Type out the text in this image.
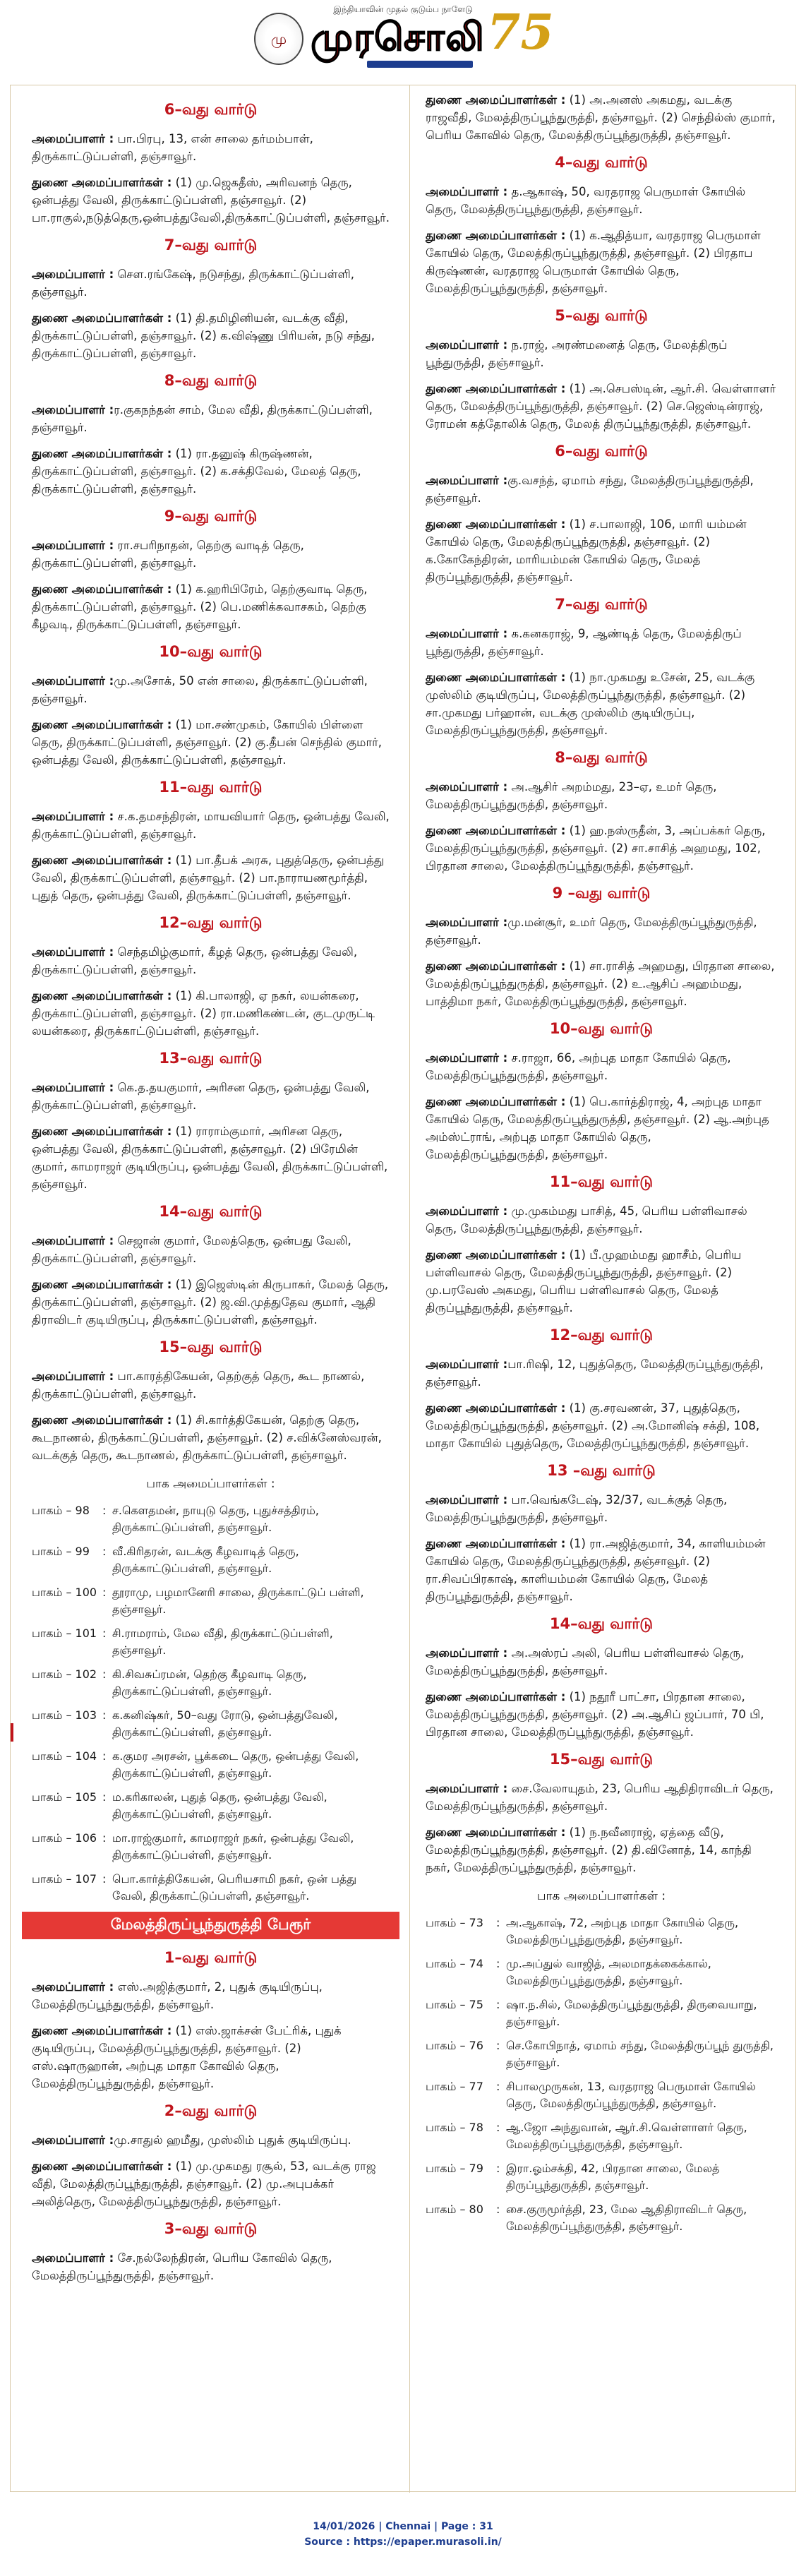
இந்தியாவின் முதல் குடும்ப நாளேடு
மு முரசொலி 75
6–வது வார்டு

அமைப்பாளர் : பா.பிரபு, 13, என் சாலை தர்மம்பாள், திருக்காட்டுப்பள்ளி, தஞ்சாவூர்.

துணை அமைப்பாளர்கள் : (1) மு.ஜெகதீஸ், அரிவனந் தெரு, ஒன்பத்து வேலி, திருக்காட்டுப்பள்ளி, தஞ்சாவூர். (2) பா.ராகுல்,நடுத்தெரு,ஒன்பத்துவேலி,திருக்காட்டுப்பள்ளி, தஞ்சாவூர்.

7–வது வார்டு

அமைப்பாளர் : சௌ.ரங்கேஷ், நடுசந்து, திருக்காட்டுப்பள்ளி, தஞ்சாவூர்.

துணை அமைப்பாளர்கள் : (1) தி.தமிழினியன், வடக்கு வீதி, திருக்காட்டுப்பள்ளி, தஞ்சாவூர். (2) க.விஷ்ணு பிரியன், நடு சந்து, திருக்காட்டுப்பள்ளி, தஞ்சாவூர்.

8–வது வார்டு

அமைப்பாளர் :ர.குகநந்தன் சாம், மேல வீதி, திருக்காட்டுப்பள்ளி, தஞ்சாவூர்.

துணை அமைப்பாளர்கள் : (1) ரா.தனுஷ் கிருஷ்ணன், திருக்காட்டுப்பள்ளி, தஞ்சாவூர். (2) க.சக்திவேல், மேலத் தெரு, திருக்காட்டுப்பள்ளி, தஞ்சாவூர்.

9–வது வார்டு

அமைப்பாளர் : ரா.சபரிநாதன், தெற்கு வாடித் தெரு, திருக்காட்டுப்பள்ளி, தஞ்சாவூர்.

துணை அமைப்பாளர்கள் : (1) க.ஹரிபிரேம், தெற்குவாடி தெரு, திருக்காட்டுப்பள்ளி, தஞ்சாவூர். (2) பெ.மணிக்கவாசகம், தெற்கு கீழவடி, திருக்காட்டுப்பள்ளி, தஞ்சாவூர்.

10–வது வார்டு

அமைப்பாளர் :மு.அசோக், 50 என் சாலை, திருக்காட்டுப்பள்ளி, தஞ்சாவூர்.

துணை அமைப்பாளர்கள் : (1) மா.சண்முகம், கோயில் பிள்ளை தெரு, திருக்காட்டுப்பள்ளி, தஞ்சாவூர். (2) கு.தீபன் செந்தில் குமார், ஒன்பத்து வேலி, திருக்காட்டுப்பள்ளி, தஞ்சாவூர்.

11–வது வார்டு

அமைப்பாளர் : ச.க.தமசந்திரன், மாயவியார் தெரு, ஒன்பத்து வேலி, திருக்காட்டுப்பள்ளி, தஞ்சாவூர்.

துணை அமைப்பாளர்கள் : (1) பா.தீபக் அரசு, புதுத்தெரு, ஒன்பத்து வேலி, திருக்காட்டுப்பள்ளி, தஞ்சாவூர். (2) பா.நாராயணமூர்த்தி, புதுத் தெரு, ஒன்பத்து வேலி, திருக்காட்டுப்பள்ளி, தஞ்சாவூர்.

12–வது வார்டு

அமைப்பாளர் : செந்தமிழ்குமார், கீழத் தெரு, ஒன்பத்து வேலி, திருக்காட்டுப்பள்ளி, தஞ்சாவூர்.

துணை அமைப்பாளர்கள் : (1) கி.பாலாஜி, ஏ நகர், லயன்கரை, திருக்காட்டுப்பள்ளி, தஞ்சாவூர். (2) ரா.மணிகண்டன், குடமுருட்டி லயன்கரை, திருக்காட்டுப்பள்ளி, தஞ்சாவூர்.

13–வது வார்டு

அமைப்பாளர் : கெ.த.தயகுமார், அரிசன தெரு, ஒன்பத்து வேலி, திருக்காட்டுப்பள்ளி, தஞ்சாவூர்.

துணை அமைப்பாளர்கள் : (1) ராராம்குமார், அரிசன தெரு, ஒன்பத்து வேலி, திருக்காட்டுப்பள்ளி, தஞ்சாவூர். (2) பிரேமின் குமார், காமராஜர் குடியிருப்பு, ஒன்பத்து வேலி, திருக்காட்டுப்பள்ளி, தஞ்சாவூர்.

14–வது வார்டு

அமைப்பாளர் : செஜான் குமார், மேலத்தெரு, ஒன்பது வேலி, திருக்காட்டுப்பள்ளி, தஞ்சாவூர்.

துணை அமைப்பாளர்கள் : (1) இஜெஸ்டின் கிருபாகர், மேலத் தெரு, திருக்காட்டுப்பள்ளி, தஞ்சாவூர். (2) ஜ.வி.முத்துதேவ குமார், ஆதி திராவிடர் குடியிருப்பு, திருக்காட்டுப்பள்ளி, தஞ்சாவூர்.

15–வது வார்டு

அமைப்பாளர் : பா.காரத்திகேயன், தெற்குத் தெரு, கூட நாணல், திருக்காட்டுப்பள்ளி, தஞ்சாவூர்.

துணை அமைப்பாளர்கள் : (1) சி.கார்த்திகேயன், தெற்கு தெரு, கூடநாணல், திருக்காட்டுப்பள்ளி, தஞ்சாவூர். (2) ச.விக்னேஸ்வரன், வடக்குத் தெரு, கூடநாணல், திருக்காட்டுப்பள்ளி, தஞ்சாவூர்.

பாக அமைப்பாளர்கள் :
பாகம் – 98	: ச.கௌதமன், நாயுடு தெரு, புதுச்சத்திரம், திருக்காட்டுப்பள்ளி, தஞ்சாவூர்.
பாகம் – 99	: வீ.கிரிதரன், வடக்கு கீழவாடித் தெரு, திருக்காட்டுப்பள்ளி, தஞ்சாவூர்.
பாகம் – 100 : தூராமு, பழமானேரி சாலை, திருக்காட்டுப் பள்ளி, தஞ்சாவூர்.
பாகம் – 101 : சி.ராமராம், மேல வீதி, திருக்காட்டுப்பள்ளி, தஞ்சாவூர்.
பாகம் – 102 : கி.சிவசுப்ரமன், தெற்கு கீழவாடி தெரு, திருக்காட்டுப்பள்ளி, தஞ்சாவூர்.
பாகம் – 103 : க.கனிஷ்கர், 50–வது ரோடு, ஒன்பத்துவேலி, திருக்காட்டுப்பள்ளி, தஞ்சாவூர்.
பாகம் – 104 : க.குமர அரசன், பூக்கடை தெரு, ஒன்பத்து வேலி, திருக்காட்டுப்பள்ளி, தஞ்சாவூர்.
பாகம் – 105 : ம.கரிகாலன், புதுத் தெரு, ஒன்பத்து வேலி, திருக்காட்டுப்பள்ளி, தஞ்சாவூர்.
பாகம் – 106 : மா.ராஜ்குமார், காமராஜர் நகர், ஒன்பத்து வேலி, திருக்காட்டுப்பள்ளி, தஞ்சாவூர்.
பாகம் – 107 : பொ.கார்த்திகேயன், பெரியசாமி நகர், ஒன் பத்து வேலி, திருக்காட்டுப்பள்ளி, தஞ்சாவூர்.
மேலத்திருப்பூந்துருத்தி பேரூர்
1–வது வார்டு

அமைப்பாளர் : எஸ்.அஜித்குமார், 2, புதுக் குடியிருப்பு, மேலத்திருப்பூந்துருத்தி, தஞ்சாவூர்.

துணை அமைப்பாளர்கள் : (1) எஸ்.ஜாக்சன் பேட்ரிக், புதுக் குடியிருப்பு, மேலத்திருப்பூந்துருத்தி, தஞ்சாவூர். (2) எஸ்.ஷாருஹான், அற்புத மாதா கோவில் தெரு, மேலத்திருப்பூந்துருத்தி, தஞ்சாவூர்.

2–வது வார்டு

அமைப்பாளர் :மு.சாதுல் ஹமீது, முஸ்லிம் புதுக் குடியிருப்பு.

துணை அமைப்பாளர்கள் : (1) மு.முகமது ரசூல், 53, வடக்கு ராஜ வீதி, மேலத்திருப்பூந்துருத்தி, தஞ்சாவூர். (2) மு.அபுபக்கர் அலித்தெரு, மேலத்திருப்பூந்துருத்தி, தஞ்சாவூர்.

3–வது வார்டு

அமைப்பாளர் : சே.நல்லேந்திரன், பெரிய கோவில் தெரு, மேலத்திருப்பூந்துருத்தி, தஞ்சாவூர்.

துணை அமைப்பாளர்கள் : (1) அ.அனஸ் அகமது, வடக்கு ராஜவீதி, மேலத்திருப்பூந்துருத்தி, தஞ்சாவூர். (2) செந்தில்ஸ் குமார், பெரிய கோவில் தெரு, மேலத்திருப்பூந்துருத்தி, தஞ்சாவூர்.

4–வது வார்டு

அமைப்பாளர் : த.ஆகாஷ், 50, வரதராஜ பெருமாள் கோயில் தெரு, மேலத்திருப்பூந்துருத்தி, தஞ்சாவூர்.

துணை அமைப்பாளர்கள் : (1) க.ஆதித்யா, வரதராஜ பெருமாள் கோயில் தெரு, மேலத்திருப்பூந்துருத்தி, தஞ்சாவூர். (2) பிரதாப கிருஷ்ணன், வரதராஜ பெருமாள் கோயில் தெரு, மேலத்திருப்பூந்துருத்தி, தஞ்சாவூர்.

5–வது வார்டு

அமைப்பாளர் : ந.ராஜ், அரண்மனைத் தெரு, மேலத்திருப் பூந்துருத்தி, தஞ்சாவூர்.

துணை அமைப்பாளர்கள் : (1) அ.செபஸ்டின், ஆர்.சி. வெள்ளாளர் தெரு, மேலத்திருப்பூந்துருத்தி, தஞ்சாவூர். (2) செ.ஜெஸ்டின்ராஜ், ரோமன் கத்தோலிக் தெரு, மேலத் திருப்பூந்துருத்தி, தஞ்சாவூர்.

6–வது வார்டு

அமைப்பாளர் :கு.வசந்த், ஏமாம் சந்து, மேலத்திருப்பூந்துருத்தி, தஞ்சாவூர்.

துணை அமைப்பாளர்கள் : (1) ச.பாலாஜி, 106, மாரி யம்மன் கோயில் தெரு, மேலத்திருப்பூந்துருத்தி, தஞ்சாவூர். (2) க.கோகேந்திரன், மாரியம்மன் கோயில் தெரு, மேலத் திருப்பூந்துருத்தி, தஞ்சாவூர்.

7–வது வார்டு

அமைப்பாளர் : க.கனகராஜ், 9, ஆண்டித் தெரு, மேலத்திருப் பூந்துருத்தி, தஞ்சாவூர்.

துணை அமைப்பாளர்கள் : (1) நா.முகமது உசேன், 25, வடக்கு முஸ்லிம் குடியிருப்பு, மேலத்திருப்பூந்துருத்தி, தஞ்சாவூர். (2) சா.முகமது பர்ஹான், வடக்கு முஸ்லிம் குடியிருப்பு, மேலத்திருப்பூந்துருத்தி, தஞ்சாவூர்.

8–வது வார்டு

அமைப்பாளர் : அ.ஆசிர் அறம்மது, 23–ஏ, உமர் தெரு, மேலத்திருப்பூந்துருத்தி, தஞ்சாவூர்.

துணை அமைப்பாளர்கள் : (1) ஹ.நஸ்ருதீன், 3, அப்பக்கர் தெரு, மேலத்திருப்பூந்துருத்தி, தஞ்சாவூர். (2) சா.சாசித் அஹமது, 102, பிரதான சாலை, மேலத்திருப்பூந்துருத்தி, தஞ்சாவூர்.

9 –வது வார்டு

அமைப்பாளர் :மு.மன்சூர், உமர் தெரு, மேலத்திருப்பூந்துருத்தி, தஞ்சாவூர்.

துணை அமைப்பாளர்கள் : (1) சா.ராசித் அஹமது, பிரதான சாலை, மேலத்திருப்பூந்துருத்தி, தஞ்சாவூர். (2) உ.ஆசிப் அஹம்மது, பாத்திமா நகர், மேலத்திருப்பூந்துருத்தி, தஞ்சாவூர்.

10–வது வார்டு

அமைப்பாளர் : ச.ராஜா, 66, அற்புத மாதா கோயில் தெரு, மேலத்திருப்பூந்துருத்தி, தஞ்சாவூர்.

துணை அமைப்பாளர்கள் : (1) பெ.கார்த்திராஜ், 4, அற்புத மாதா கோயில் தெரு, மேலத்திருப்பூந்துருத்தி, தஞ்சாவூர். (2) ஆ.அற்புத அம்ஸ்ட்ராங், அற்புத மாதா கோயில் தெரு, மேலத்திருப்பூந்துருத்தி, தஞ்சாவூர்.

11–வது வார்டு

அமைப்பாளர் : மு.முகம்மது பாசித், 45, பெரிய பள்ளிவாசல் தெரு, மேலத்திருப்பூந்துருத்தி, தஞ்சாவூர்.

துணை அமைப்பாளர்கள் : (1) பீ.முஹம்மது ஹாசீம், பெரிய பள்ளிவாசல் தெரு, மேலத்திருப்பூந்துருத்தி, தஞ்சாவூர். (2) மு.பரவேஸ் அகமது, பெரிய பள்ளிவாசல் தெரு, மேலத் திருப்பூந்துருத்தி, தஞ்சாவூர்.

12–வது வார்டு

அமைப்பாளர் :பா.ரிஷி, 12, புதுத்தெரு, மேலத்திருப்பூந்துருத்தி, தஞ்சாவூர்.

துணை அமைப்பாளர்கள் : (1) கு.சரவணன், 37, புதுத்தெரு, மேலத்திருப்பூந்துருத்தி, தஞ்சாவூர். (2) அ.மோனிஷ் சக்தி, 108, மாதா கோயில் புதுத்தெரு, மேலத்திருப்பூந்துருத்தி, தஞ்சாவூர்.

13 –வது வார்டு

அமைப்பாளர் : பா.வெங்கடேஷ், 32/37, வடக்குத் தெரு, மேலத்திருப்பூந்துருத்தி, தஞ்சாவூர்.

துணை அமைப்பாளர்கள் : (1) ரா.அஜித்குமார், 34, காளியம்மன் கோயில் தெரு, மேலத்திருப்பூந்துருத்தி, தஞ்சாவூர். (2) ரா.சிவப்பிரகாஷ், காளியம்மன் கோயில் தெரு, மேலத் திருப்பூந்துருத்தி, தஞ்சாவூர்.

14–வது வார்டு

அமைப்பாளர் : அ.அஸ்ரப் அலி, பெரிய பள்ளிவாசல் தெரு, மேலத்திருப்பூந்துருத்தி, தஞ்சாவூர்.

துணை அமைப்பாளர்கள் : (1) நதூரீ பாட்சா, பிரதான சாலை, மேலத்திருப்பூந்துருத்தி, தஞ்சாவூர். (2) அ.ஆசிப் ஜப்பார், 70 பி, பிரதான சாலை, மேலத்திருப்பூந்துருத்தி, தஞ்சாவூர்.

15–வது வார்டு

அமைப்பாளர் : சை.வேலாயுதம், 23, பெரிய ஆதிதிராவிடர் தெரு, மேலத்திருப்பூந்துருத்தி, தஞ்சாவூர்.

துணை அமைப்பாளர்கள் : (1) ந.நவீனராஜ், ஏத்தை வீடு, மேலத்திருப்பூந்துருத்தி, தஞ்சாவூர். (2) தி.வினோத், 14, காந்தி நகர், மேலத்திருப்பூந்துருத்தி, தஞ்சாவூர்.

பாக அமைப்பாளர்கள் :
பாகம் – 73	: அ.ஆகாஷ், 72, அற்புத மாதா கோயில் தெரு, மேலத்திருப்பூந்துருத்தி, தஞ்சாவூர்.
பாகம் – 74	: மு.அப்துல் வாஜித், அலமாதக்கைக்கால், மேலத்திருப்பூந்துருத்தி, தஞ்சாவூர்.
பாகம் – 75	: ஷா.ந.சில், மேலத்திருப்பூந்துருத்தி, திருவையாறு, தஞ்சாவூர்.
பாகம் – 76	: செ.கோபிநாத், ஏமாம் சந்து, மேலத்திருப்பூந் துருத்தி, தஞ்சாவூர்.
பாகம் – 77	: சிபாலமுருகன், 13, வரதராஜ பெருமாள் கோயில் தெரு, மேலத்திருப்பூந்துருத்தி, தஞ்சாவூர்.
பாகம் – 78	: ஆ.ஜோ அந்துவான், ஆர்.சி.வெள்ளாளர் தெரு, மேலத்திருப்பூந்துருத்தி, தஞ்சாவூர்.
பாகம் – 79	: இரா.ஓம்சக்தி, 42, பிரதான சாலை, மேலத் திருப்பூந்துருத்தி, தஞ்சாவூர்.
பாகம் – 80	: சை.குருமூர்த்தி, 23, மேல ஆதிதிராவிடர் தெரு, மேலத்திருப்பூந்துருத்தி, தஞ்சாவூர்.
14/01/2026 | Chennai | Page : 31
Source : https://epaper.murasoli.in/
